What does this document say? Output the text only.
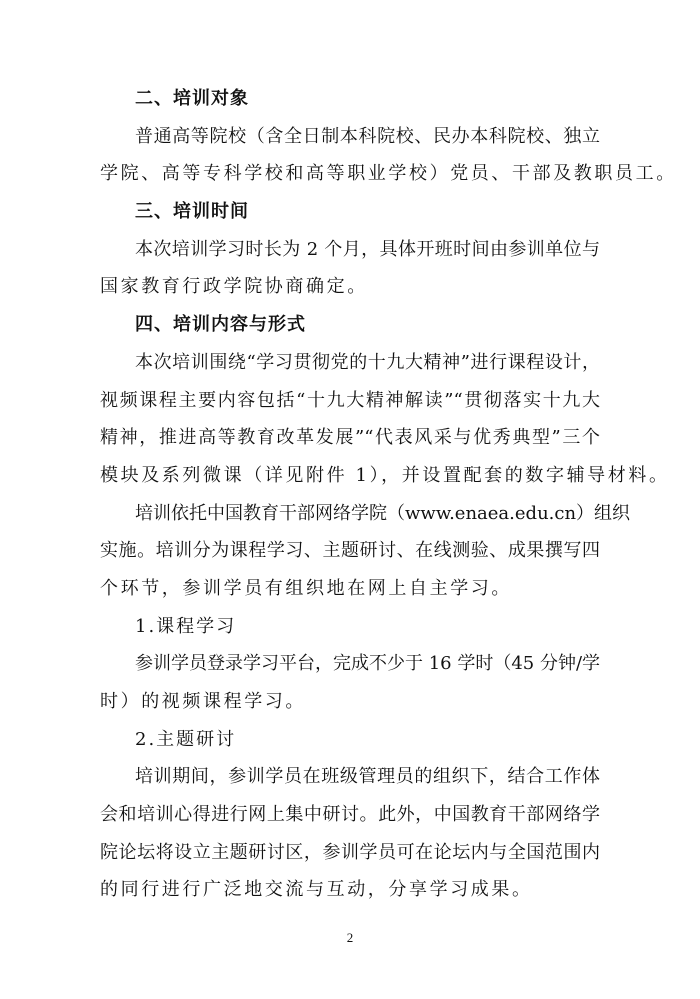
二、培训对象
普通高等院校（含全日制本科院校、民办本科院校、独立
学院、高等专科学校和高等职业学校）党员、干部及教职员工。
三、培训时间
本次培训学习时长为 2 个月，具体开班时间由参训单位与
国家教育行政学院协商确定。
四、培训内容与形式
本次培训围绕“学习贯彻党的十九大精神”进行课程设计，
视频课程主要内容包括“十九大精神解读”“贯彻落实十九大
精神，推进高等教育改革发展”“代表风采与优秀典型”三个
模块及系列微课（详见附件 1），并设置配套的数字辅导材料。
培训依托中国教育干部网络学院（www.enaea.edu.cn）组织
实施。培训分为课程学习、主题研讨、在线测验、成果撰写四
个环节，参训学员有组织地在网上自主学习。
1.课程学习
参训学员登录学习平台，完成不少于 16 学时（45 分钟/学
时）的视频课程学习。
2.主题研讨
培训期间，参训学员在班级管理员的组织下，结合工作体
会和培训心得进行网上集中研讨。此外，中国教育干部网络学
院论坛将设立主题研讨区，参训学员可在论坛内与全国范围内
的同行进行广泛地交流与互动，分享学习成果。
2
